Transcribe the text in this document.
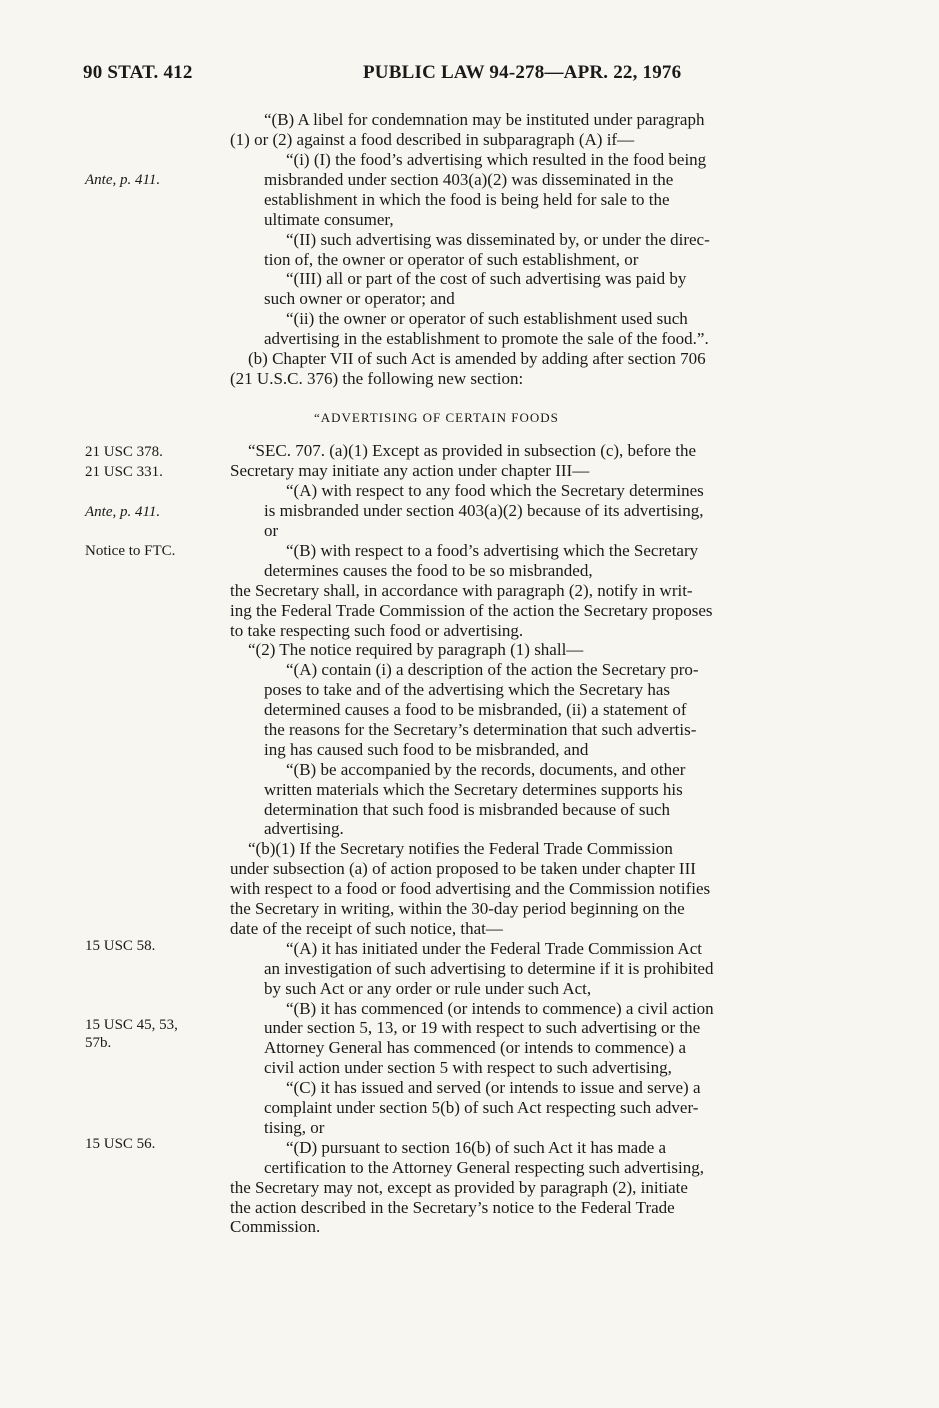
90 STAT. 412	PUBLIC LAW 94-278—APR. 22, 1976
Ante, p. 411.
21 USC 378.
21 USC 331.
Ante, p. 411.
Notice to FTC.
15 USC 58.
15 USC 45, 53,
57b.
15 USC 56.
“ADVERTISING OF CERTAIN FOODS
“(B) A libel for condemnation may be instituted under paragraph
(1) or (2) against a food described in subparagraph (A) if—
“(i) (I) the food’s advertising which resulted in the food being
misbranded under section 403(a)(2) was disseminated in the
establishment in which the food is being held for sale to the
ultimate consumer,
“(II) such advertising was disseminated by, or under the direc-
tion of, the owner or operator of such establishment, or
“(III) all or part of the cost of such advertising was paid by
such owner or operator; and
“(ii) the owner or operator of such establishment used such
advertising in the establishment to promote the sale of the food.”.
(b) Chapter VII of such Act is amended by adding after section 706
(21 U.S.C. 376) the following new section:
“SEC. 707. (a)(1) Except as provided in subsection (c), before the
Secretary may initiate any action under chapter III—
“(A) with respect to any food which the Secretary determines
is misbranded under section 403(a)(2) because of its advertising,
or
“(B) with respect to a food’s advertising which the Secretary
determines causes the food to be so misbranded,
the Secretary shall, in accordance with paragraph (2), notify in writ-
ing the Federal Trade Commission of the action the Secretary proposes
to take respecting such food or advertising.
“(2) The notice required by paragraph (1) shall—
“(A) contain (i) a description of the action the Secretary pro-
poses to take and of the advertising which the Secretary has
determined causes a food to be misbranded, (ii) a statement of
the reasons for the Secretary’s determination that such advertis-
ing has caused such food to be misbranded, and
“(B) be accompanied by the records, documents, and other
written materials which the Secretary determines supports his
determination that such food is misbranded because of such
advertising.
“(b)(1) If the Secretary notifies the Federal Trade Commission
under subsection (a) of action proposed to be taken under chapter III
with respect to a food or food advertising and the Commission notifies
the Secretary in writing, within the 30-day period beginning on the
date of the receipt of such notice, that—
“(A) it has initiated under the Federal Trade Commission Act
an investigation of such advertising to determine if it is prohibited
by such Act or any order or rule under such Act,
“(B) it has commenced (or intends to commence) a civil action
under section 5, 13, or 19 with respect to such advertising or the
Attorney General has commenced (or intends to commence) a
civil action under section 5 with respect to such advertising,
“(C) it has issued and served (or intends to issue and serve) a
complaint under section 5(b) of such Act respecting such adver-
tising, or
“(D) pursuant to section 16(b) of such Act it has made a
certification to the Attorney General respecting such advertising,
the Secretary may not, except as provided by paragraph (2), initiate
the action described in the Secretary’s notice to the Federal Trade
Commission.
